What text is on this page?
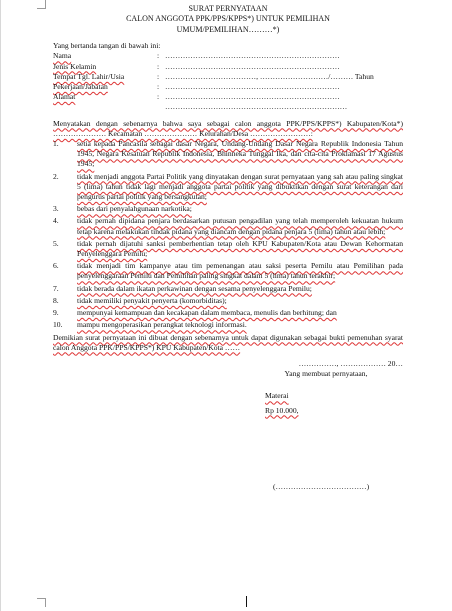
SURAT PERNYATAAN
CALON ANGGOTA PPK/PPS/KPPS*) UNTUK PEMILIHAN
UMUM/PEMILIHAN………*)
Yang bertanda tangan di bawah ini:
Nama	: ……………………………………………………………
Jenis Kelamin	: ……………………………………………………………
Tempat Tgl. Lahir/Usia	: ………………………………, ………………………/……… Tahun
Pekerjaan/Jabatan	: ……………………………………………………………
Alamat	: …………………………………………………………… ………………………………………………………………
Menyatakan dengan sebenarnya bahwa saya sebagai calon anggota PPK/PPS/KPPS*) Kabupaten/Kota*) ………………… Kecamatan ………………… Kelurahan/Desa ……………………:
1.	setia kepada Pancasila sebagai dasar Negara, Undang-Undang Dasar Negara Republik Indonesia Tahun 1945, Negara Kesatuan Republik Indonesia, Bhinneka Tunggal Ika, dan cita-cita Proklamasi 17 Agustus 1945;
2.	tidak menjadi anggota Partai Politik yang dinyatakan dengan surat pernyataan yang sah atau paling singkat 5 (lima) tahun tidak lagi menjadi anggota partai politik yang dibuktikan dengan surat keterangan dari pengurus partai politik yang bersangkutan;
3.	bebas dari penyalahgunaan narkotika;
4.	tidak pernah dipidana penjara berdasarkan putusan pengadilan yang telah memperoleh kekuatan hukum tetap karena melakukan tindak pidana yang diancam dengan pidana penjara 5 (lima) tahun atau lebih;
5.	tidak pernah dijatuhi sanksi pemberhentian tetap oleh KPU Kabupaten/Kota atau Dewan Kehormatan Penyelenggara Pemilu;
6.	tidak menjadi tim kampanye atau tim pemenangan atau saksi peserta Pemilu atau Pemilihan pada penyelenggaraan Pemilu dan Pemilihan paling singkat dalam 5 (lima) tahun terakhir;
7.	tidak berada dalam ikatan perkawinan dengan sesama penyelenggara Pemilu;
8.	tidak memiliki penyakit penyerta (komorbiditas);
9.	mempunyai kemampuan dan kecakapan dalam membaca, menulis dan berhitung; dan
10.	mampu mengoperasikan perangkat teknologi informasi.
Demikian surat pernyataan ini dibuat dengan sebenarnya untuk dapat digunakan sebagai bukti pemenuhan syarat calon Anggota PPK/PPS/KPPS*) KPU Kabupaten/Kota ……
……………, ……………… 20…
Yang membuat pernyataan,
Materai
Rp 10.000,
(………………………………)
